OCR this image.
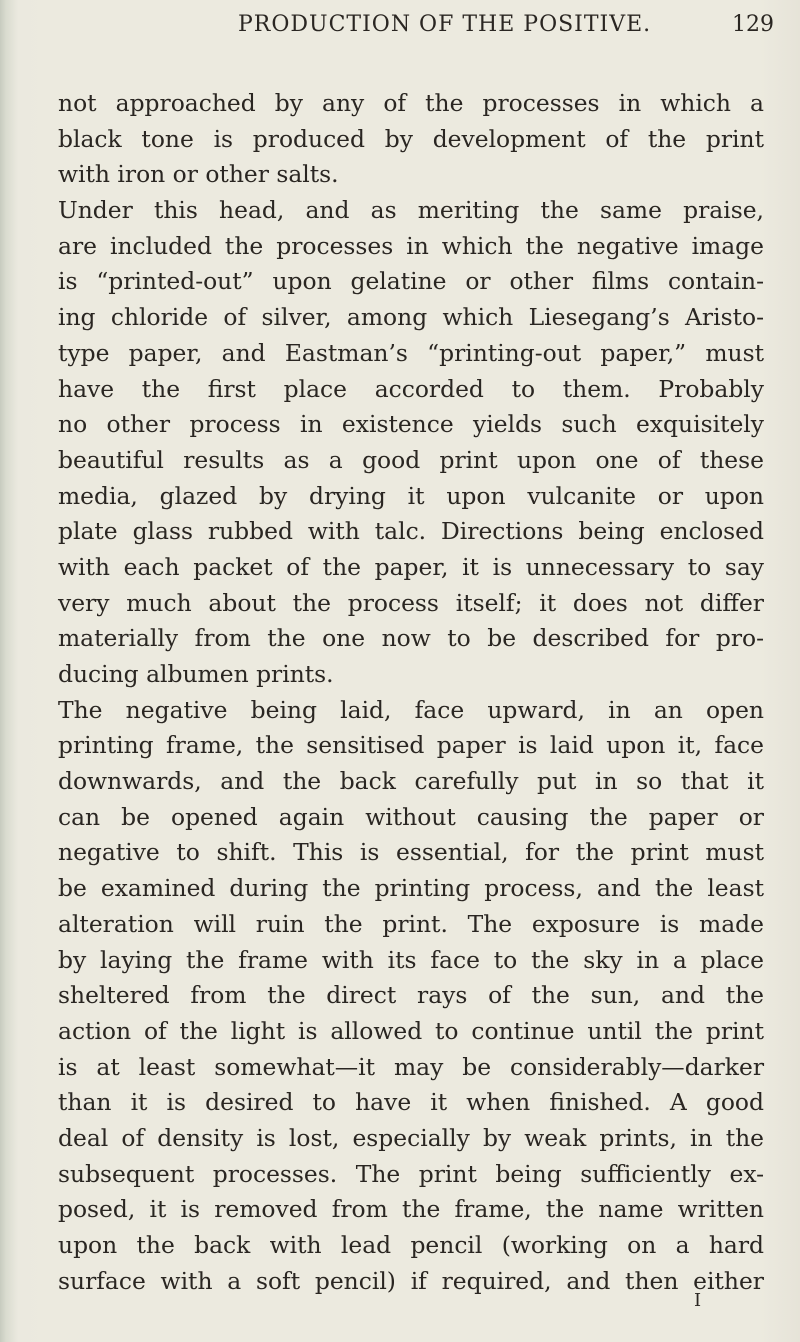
PRODUCTION OF THE POSITIVE.	129
not approached by any of the processes in which a
black tone is produced by development of the print
with iron or other salts.
Under this head, and as meriting the same praise,
are included the processes in which the negative image
is “printed-out” upon gelatine or other films contain-
ing chloride of silver, among which Liesegang’s Aristo-
type paper, and Eastman’s “printing-out paper,” must
have the first place accorded to them. Probably
no other process in existence yields such exquisitely
beautiful results as a good print upon one of these
media, glazed by drying it upon vulcanite or upon
plate glass rubbed with talc. Directions being enclosed
with each packet of the paper, it is unnecessary to say
very much about the process itself; it does not differ
materially from the one now to be described for pro-
ducing albumen prints.
The negative being laid, face upward, in an open
printing frame, the sensitised paper is laid upon it, face
downwards, and the back carefully put in so that it
can be opened again without causing the paper or
negative to shift. This is essential, for the print must
be examined during the printing process, and the least
alteration will ruin the print. The exposure is made
by laying the frame with its face to the sky in a place
sheltered from the direct rays of the sun, and the
action of the light is allowed to continue until the print
is at least somewhat—it may be considerably—darker
than it is desired to have it when finished. A good
deal of density is lost, especially by weak prints, in the
subsequent processes. The print being sufficiently ex-
posed, it is removed from the frame, the name written
upon the back with lead pencil (working on a hard
surface with a soft pencil) if required, and then either
I
